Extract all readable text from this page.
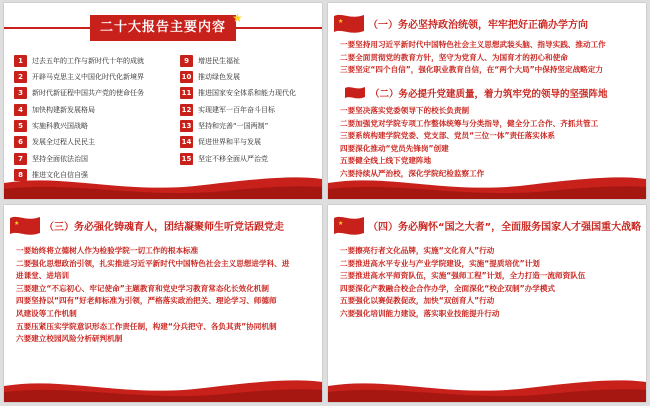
二十大报告主要内容
★
1	过去五年的工作与新时代十年的成就
2	开辟马克思主义中国化时代化新境界
3	新时代新征程中国共产党的使命任务
4	加快构建新发展格局
5	实施科教兴国战略
6	发展全过程人民民主
7	坚持全面依法治国
8	推进文化自信自强
9	增进民生福祉
10 推动绿色发展
11 推进国家安全体系和能力现代化
12 实现建军一百年奋斗目标
13 坚持和完善“一国两制”
14 促进世界和平与发展
15 坚定不移全面从严治党
★ （一）务必坚持政治统领，牢牢把好正确办学方向
一要坚持用习近平新时代中国特色社会主义思想武装头脑、指导实践、推动工作
二要全面贯彻党的教育方针，坚守为党育人、为国育才的初心和使命
三要坚定“四个自信”，强化职业教育自信，在“两个大局”中保持坚定战略定力
（二）务必提升党建质量，着力筑牢党的领导的坚强阵地
一要坚决落实党委领导下的校长负责制
二要加强党对学院专项工作整体统筹与分类指导，健全分工合作、齐抓共管工
三要系统构建学院党委、党支部、党员“三位一体”责任落实体系
四要深化推动“党员先锋岗”创建
五要健全线上线下党建阵地
六要持续从严治校，深化学院纪检监察工作
★ （三）务必强化铸魂育人，团结凝聚师生听党话跟党走
一要始终将立德树人作为检验学院一切工作的根本标准
二要强化思想政治引领，扎实推进习近平新时代中国特色社会主义思想进学科、进
进课堂、进培训
三要建立“不忘初心、牢记使命”主题教育和党史学习教育常态化长效化机制
四要坚持以“四有”好老师标准为引领，严格落实政治把关、理论学习、师德师
风建设等工作机制
五要压紧压实学院意识形态工作责任制，构建“分兵把守、各负其责”协同机制
六要建立校园风险分析研判机制
★ （四）务必胸怀“国之大者”，全面服务国家人才强国重大战略
一要擦亮行者文化品牌，实施“文化育人”行动
二要推进高水平专业与产业学院建设，实施“提质培优”计划
三要推进高水平师资队伍，实施“强师工程”计划，全力打造一流师资队伍
四要深化产教融合校企合作办学，全面深化“校企双制”办学模式
五要强化以赛促教促改，加快“双创育人”行动
六要强化培训能力建设，落实职业技能提升行动
